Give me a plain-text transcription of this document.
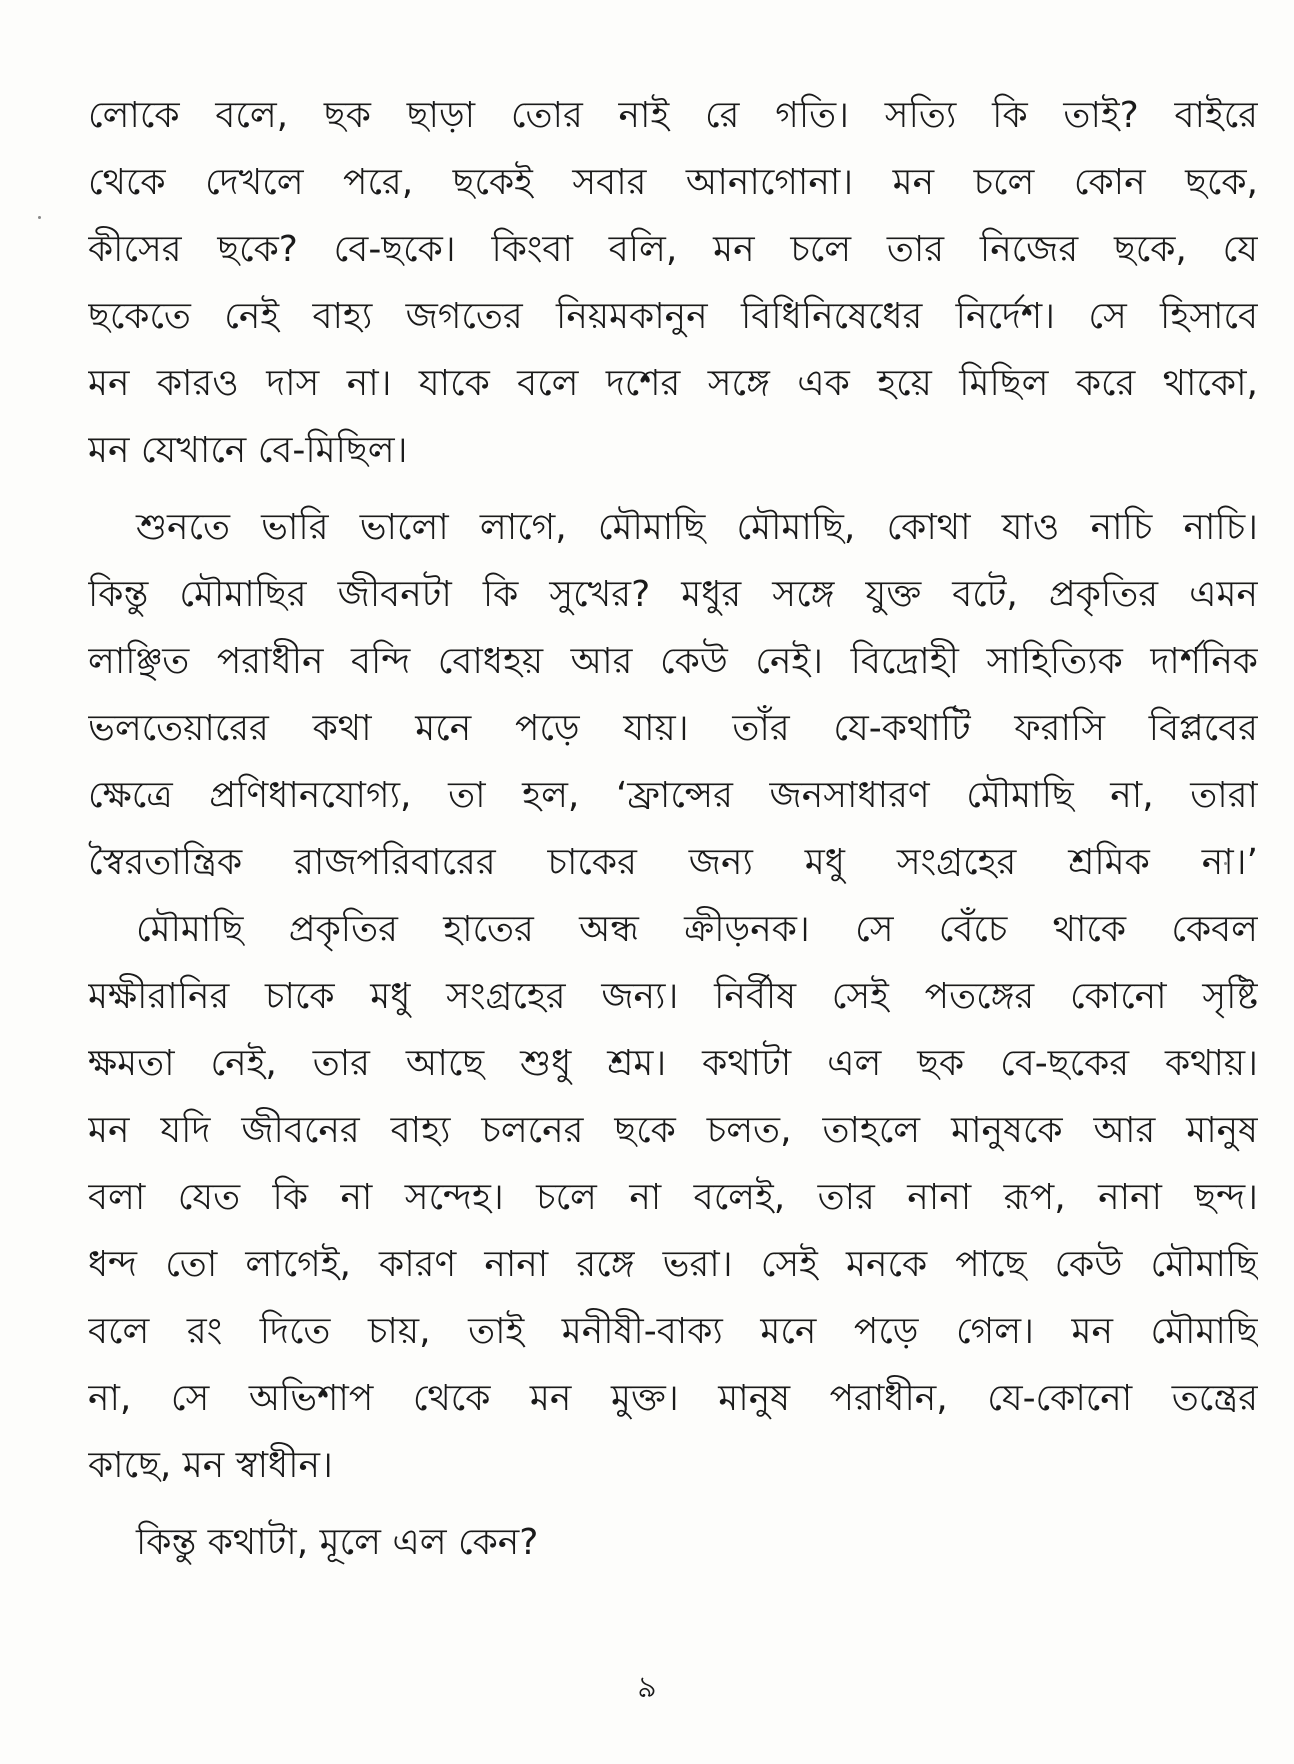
লোকে বলে, ছক ছাড়া তোর নাই রে গতি। সত্যি কি তাই? বাইরে
থেকে দেখলে পরে, ছকেই সবার আনাগোনা। মন চলে কোন ছকে,
কীসের ছকে? বে-ছকে। কিংবা বলি, মন চলে তার নিজের ছকে, যে
ছকেতে নেই বাহ্য জগতের নিয়মকানুন বিধিনিষেধের নির্দেশ। সে হিসাবে
মন কারও দাস না। যাকে বলে দশের সঙ্গে এক হয়ে মিছিল করে থাকো,
মন যেখানে বে-মিছিল।
শুনতে ভারি ভালো লাগে, মৌমাছি মৌমাছি, কোথা যাও নাচি নাচি।
কিন্তু মৌমাছির জীবনটা কি সুখের? মধুর সঙ্গে যুক্ত বটে, প্রকৃতির এমন
লাঞ্ছিত পরাধীন বন্দি বোধহয় আর কেউ নেই। বিদ্রোহী সাহিত্যিক দার্শনিক
ভলতেয়ারের কথা মনে পড়ে যায়। তাঁর যে-কথাটি ফরাসি বিপ্লবের
ক্ষেত্রে প্রণিধানযোগ্য, তা হল, ‘ফ্রান্সের জনসাধারণ মৌমাছি না, তারা
স্বৈরতান্ত্রিক রাজপরিবারের চাকের জন্য মধু সংগ্রহের শ্রমিক না।’
মৌমাছি প্রকৃতির হাতের অন্ধ ক্রীড়নক। সে বেঁচে থাকে কেবল
মক্ষীরানির চাকে মধু সংগ্রহের জন্য। নির্বীষ সেই পতঙ্গের কোনো সৃষ্টি
ক্ষমতা নেই, তার আছে শুধু শ্রম। কথাটা এল ছক বে-ছকের কথায়।
মন যদি জীবনের বাহ্য চলনের ছকে চলত, তাহলে মানুষকে আর মানুষ
বলা যেত কি না সন্দেহ। চলে না বলেই, তার নানা রূপ, নানা ছন্দ।
ধন্দ তো লাগেই, কারণ নানা রঙ্গে ভরা। সেই মনকে পাছে কেউ মৌমাছি
বলে রং দিতে চায়, তাই মনীষী-বাক্য মনে পড়ে গেল। মন মৌমাছি
না, সে অভিশাপ থেকে মন মুক্ত। মানুষ পরাধীন, যে-কোনো তন্ত্রের
কাছে, মন স্বাধীন।
কিন্তু কথাটা, মূলে এল কেন?
৯
